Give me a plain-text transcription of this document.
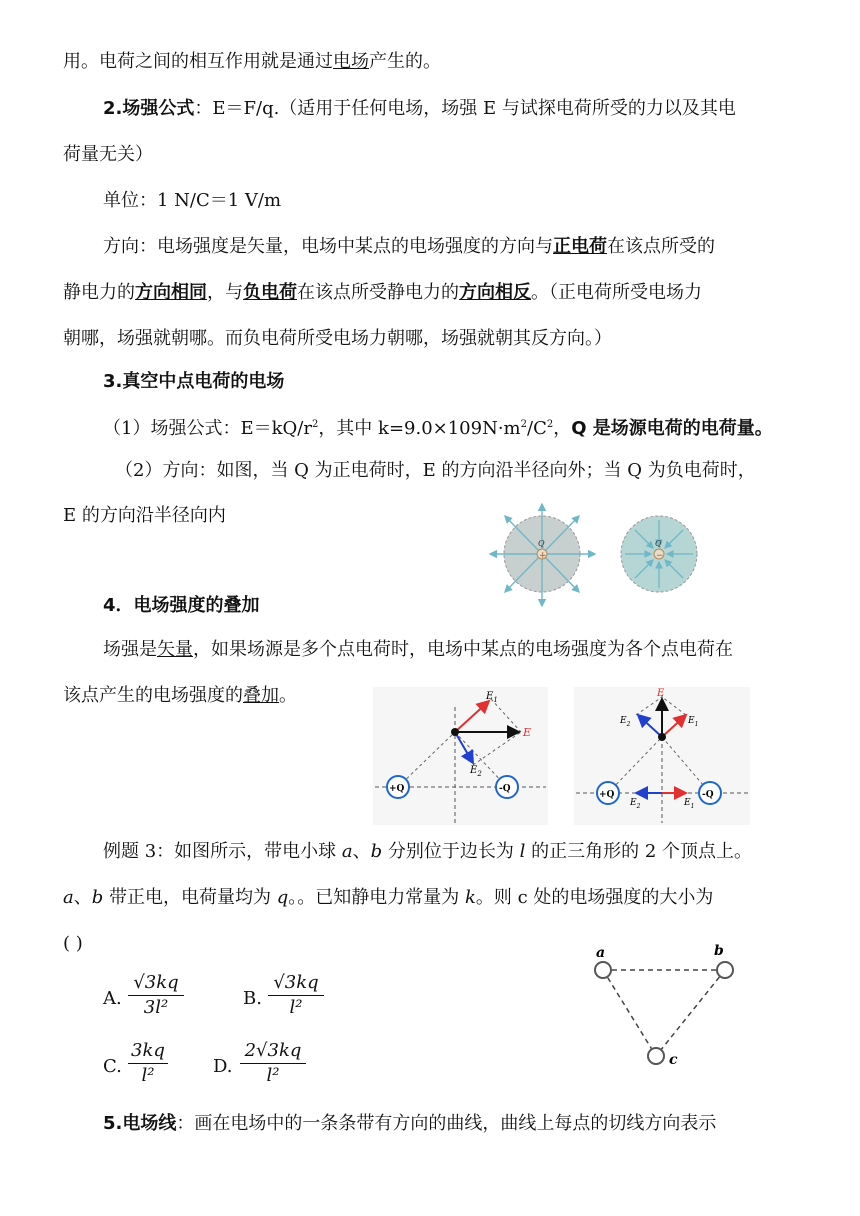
用。电荷之间的相互作用就是通过电场产生的。
2.场强公式：E＝F/q.（适用于任何电场，场强 E 与试探电荷所受的力以及其电
荷量无关）
单位：1 N/C＝1 V/m
方向：电场强度是矢量，电场中某点的电场强度的方向与正电荷在该点所受的
静电力的方向相同，与负电荷在该点所受静电力的方向相反。（正电荷所受电场力
朝哪，场强就朝哪。而负电荷所受电场力朝哪，场强就朝其反方向。）
3.真空中点电荷的电场
（1）场强公式：$E=kQ/r^2$，其中 $k=9.0\times 109N\cdot m^2/C^2$，Q 是场源电荷的电荷量。
（2）方向：如图，当 Q 为正电荷时，E 的方向沿半径向外；当 Q 为负电荷时，
E 的方向沿半径向内
Q
+
Q
−
4．电场强度的叠加
场强是矢量，如果场源是多个点电荷时，电场中某点的电场强度为各个点电荷在
该点产生的电场强度的叠加。	$E_1$
$E_2$
E
+Q	-Q
E
$E_1$
$E_2$
$E_1$
$E_2$
+Q	-Q
例题 3：如图所示，带电小球 a、b 分别位于边长为 l 的正三角形的 2 个顶点上。
a、b 带正电，电荷量均为 q。。已知静电力常量为 k。则 c 处的电场强度的大小为
( )
A.
√3kq
3l²	B.
√3kq
l²
C.
3kq
l²	D.
2√3kq
l²
a	b
c
5.电场线：画在电场中的一条条带有方向的曲线，曲线上每点的切线方向表示
